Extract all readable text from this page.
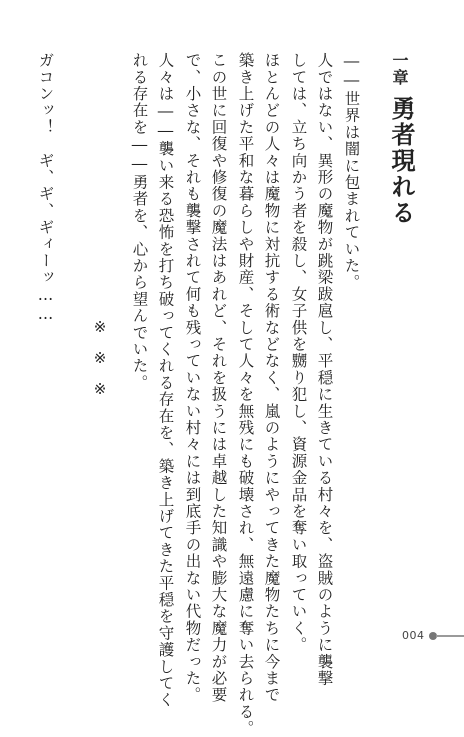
一章
勇者現れる
――世界は闇に包まれていた。
人ではない、異形の魔物が跳梁跋扈し、平穏に生きている村々を、盗賊のように襲撃
しては、立ち向かう者を殺し、女子供を嬲り犯し、資源金品を奪い取っていく。
ほとんどの人々は魔物に対抗する術などなく、嵐のようにやってきた魔物たちに今まで
築き上げた平和な暮らしや財産、そして人々を無残にも破壊され、無遠慮に奪い去られる。
この世に回復や修復の魔法はあれど、それを扱うには卓越した知識や膨大な魔力が必要
で、小さな、それも襲撃されて何も残っていない村々には到底手の出ない代物だった。
人々は――襲い来る恐怖を打ち破ってくれる存在を、築き上げてきた平穏を守護してく
れる存在を――勇者を、心から望んでいた。
※
※
※
ガコンッ！　ギ、ギ、ギィーッ……
004
